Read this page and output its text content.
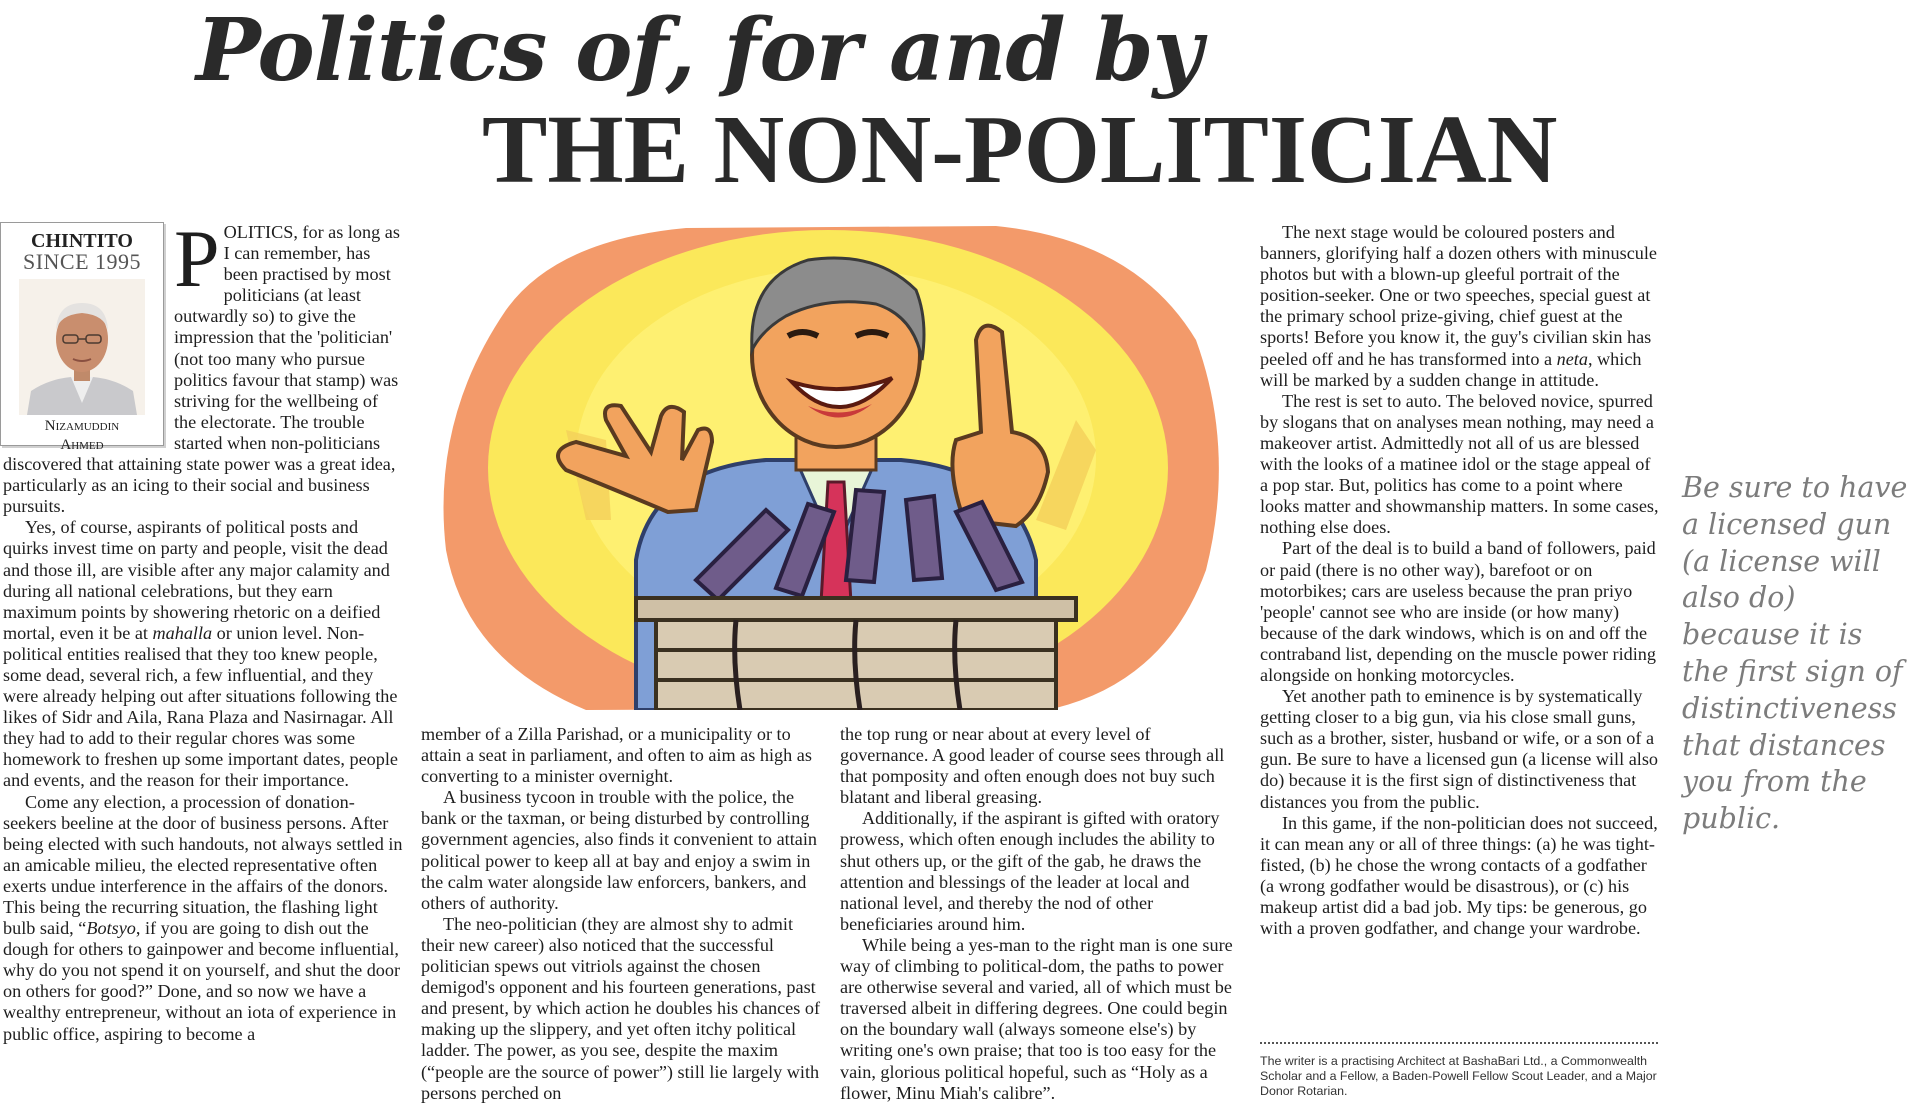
Politics of, for and by
THE NON-POLITICIAN
CHINTITO
SINCE 1995
Nizamuddin
Ahmed

POLITICS, for as long as I can remember, has been practised by most politicians (at least outwardly so) to give the impression that the 'politician' (not too many who pursue politics favour that stamp) was striving for the wellbeing of the electorate. The trouble started when non-politicians discovered that attaining state power was a great idea, particularly as an icing to their social and business pursuits.

Yes, of course, aspirants of political posts and quirks invest time on party and people, visit the dead and those ill, are visible after any major calamity and during all national celebrations, but they earn maximum points by showering rhetoric on a deified mortal, even it be at mahalla or union level. Non-political entities realised that they too knew people, some dead, several rich, a few influential, and they were already helping out after situations following the likes of Sidr and Aila, Rana Plaza and Nasirnagar. All they had to add to their regular chores was some homework to freshen up some important dates, people and events, and the reason for their importance.

Come any election, a procession of donation-seekers beeline at the door of business persons. After being elected with such handouts, not always settled in an amicable milieu, the elected representative often exerts undue interference in the affairs of the donors. This being the recurring situation, the flashing light bulb said, “Botsyo, if you are going to dish out the dough for others to gainpower and become influential, why do you not spend it on yourself, and shut the door on others for good?” Done, and so now we have a wealthy entrepreneur, without an iota of experience in public office, aspiring to become a

member of a Zilla Parishad, or a municipality or to attain a seat in parliament, and often to aim as high as converting to a minister overnight.

A business tycoon in trouble with the police, the bank or the taxman, or being disturbed by controlling government agencies, also finds it convenient to attain political power to keep all at bay and enjoy a swim in the calm water alongside law enforcers, bankers, and others of authority.

The neo-politician (they are almost shy to admit their new career) also noticed that the successful politician spews out vitriols against the chosen demigod's opponent and his fourteen generations, past and present, by which action he doubles his chances of making up the slippery, and yet often itchy political ladder. The power, as you see, despite the maxim (“people are the source of power”) still lie largely with persons perched on

the top rung or near about at every level of governance. A good leader of course sees through all that pomposity and often enough does not buy such blatant and liberal greasing.

Additionally, if the aspirant is gifted with oratory prowess, which often enough includes the ability to shut others up, or the gift of the gab, he draws the attention and blessings of the leader at local and national level, and thereby the nod of other beneficiaries around him.

While being a yes-man to the right man is one sure way of climbing to political-dom, the paths to power are otherwise several and varied, all of which must be traversed albeit in differing degrees. One could begin on the boundary wall (always someone else's) by writing one's own praise; that too is too easy for the vain, glorious political hopeful, such as “Holy as a flower, Minu Miah's calibre”.

The next stage would be coloured posters and banners, glorifying half a dozen others with minuscule photos but with a blown-up gleeful portrait of the position-seeker. One or two speeches, special guest at the primary school prize-giving, chief guest at the sports! Before you know it, the guy's civilian skin has peeled off and he has transformed into a neta, which will be marked by a sudden change in attitude.

The rest is set to auto. The beloved novice, spurred by slogans that on analyses mean nothing, may need a makeover artist. Admittedly not all of us are blessed with the looks of a matinee idol or the stage appeal of a pop star. But, politics has come to a point where looks matter and showmanship matters. In some cases, nothing else does.

Part of the deal is to build a band of followers, paid or paid (there is no other way), barefoot or on motorbikes; cars are useless because the pran priyo 'people' cannot see who are inside (or how many) because of the dark windows, which is on and off the contraband list, depending on the muscle power riding alongside on honking motorcycles.

Yet another path to eminence is by systematically getting closer to a big gun, via his close small guns, such as a brother, sister, husband or wife, or a son of a gun. Be sure to have a licensed gun (a license will also do) because it is the first sign of distinctiveness that distances you from the public.

In this game, if the non-politician does not succeed, it can mean any or all of three things: (a) he was tight-fisted, (b) he chose the wrong contacts of a godfather (a wrong godfather would be disastrous), or (c) his makeup artist did a bad job. My tips: be generous, go with a proven godfather, and change your wardrobe.

Be sure to have a licensed gun (a license will also do) because it is the first sign of distinctiveness that distances you from the public.
The writer is a practising Architect at BashaBari Ltd., a Commonwealth Scholar and a Fellow, a Baden-Powell Fellow Scout Leader, and a Major Donor Rotarian.
